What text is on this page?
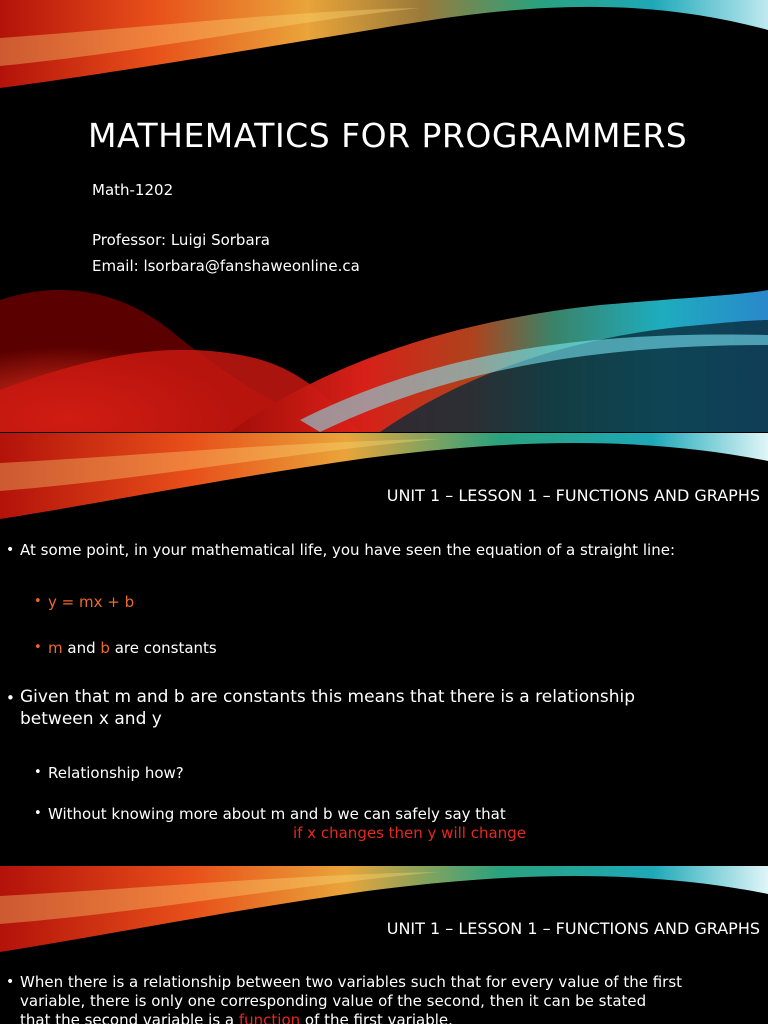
MATHEMATICS FOR PROGRAMMERS
Math-1202
Professor: Luigi Sorbara
Email: lsorbara@fanshaweonline.ca
UNIT 1 – LESSON 1 – FUNCTIONS AND GRAPHS
• At some point, in your mathematical life, you have seen the equation of a straight line:
• y = mx + b
• m and b are constants
• Given that m and b are constants this means that there is a relationship
between x and y
• Relationship how?
• Without knowing more about m and b we can safely say that
if x changes then y will change
UNIT 1 – LESSON 1 – FUNCTIONS AND GRAPHS
• When there is a relationship between two variables such that for every value of the first
variable, there is only one corresponding value of the second, then it can be stated
that the second variable is a function of the first variable.
